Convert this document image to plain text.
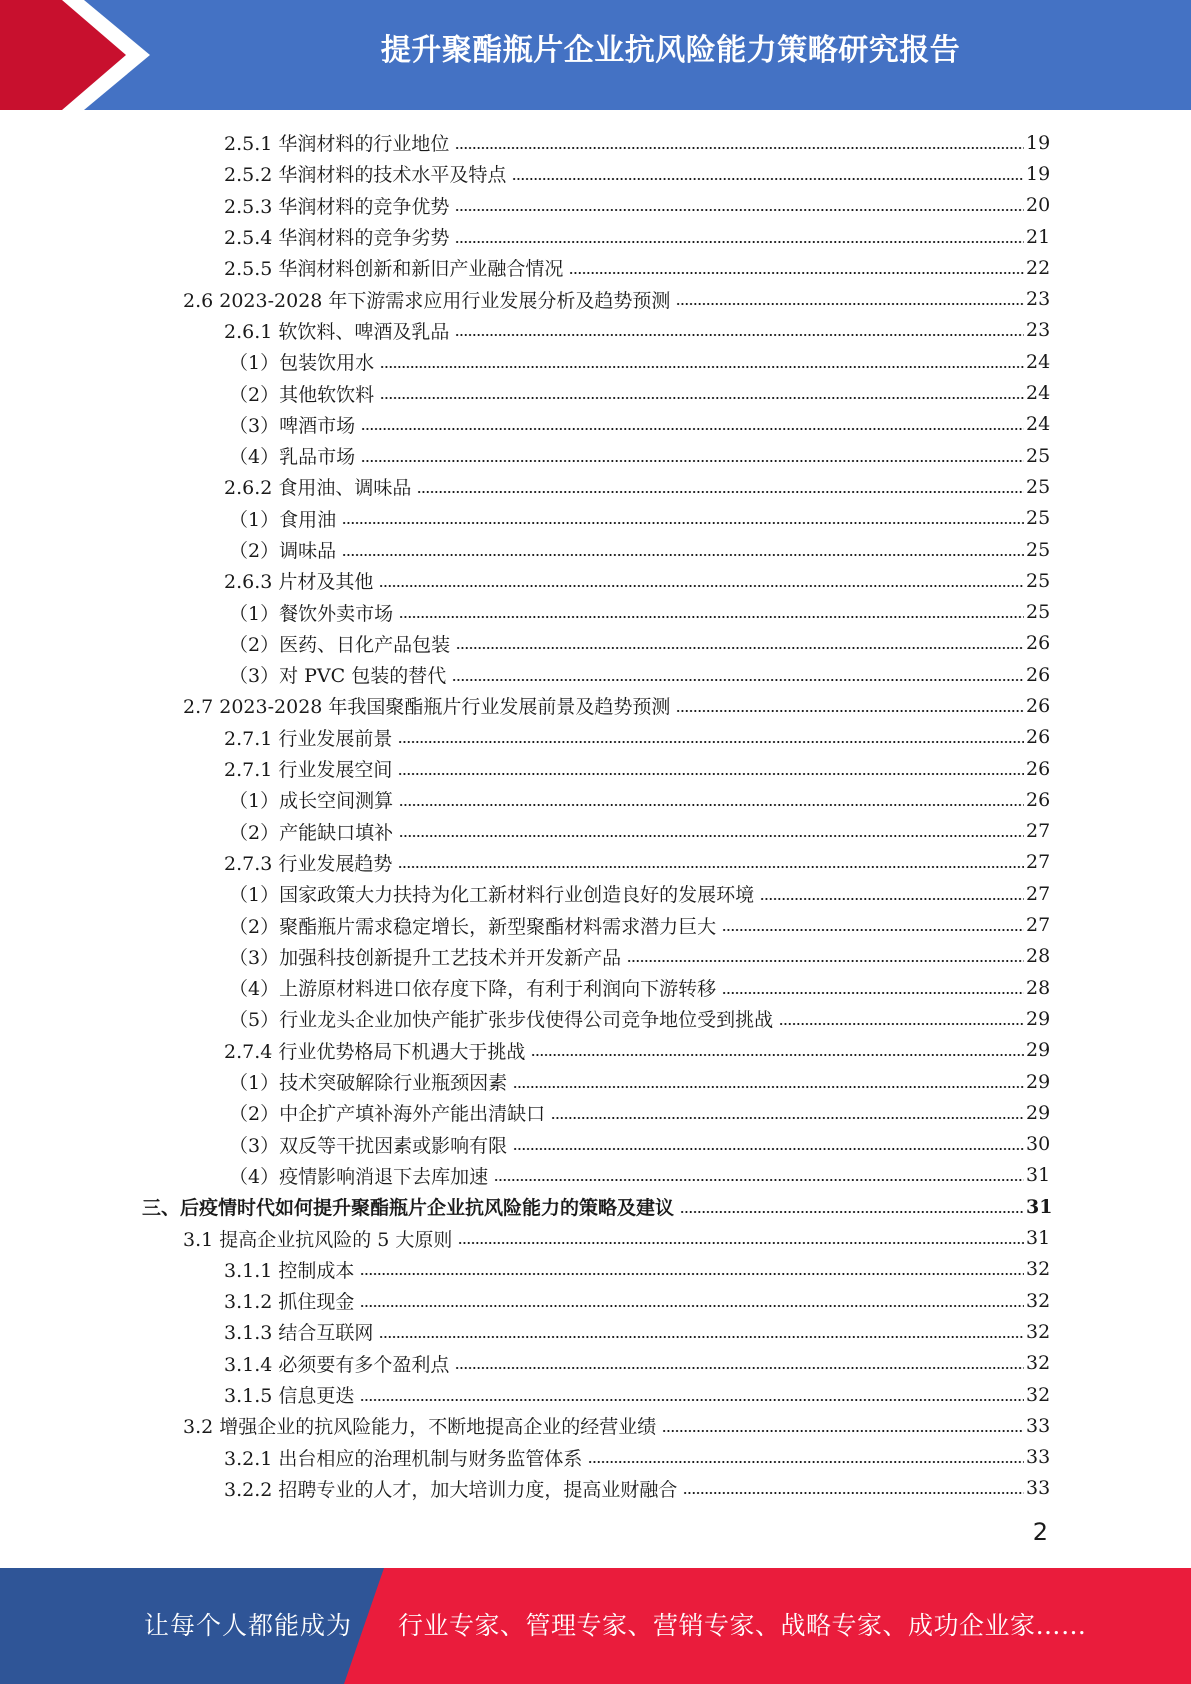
提升聚酯瓶片企业抗风险能力策略研究报告
2.5.1 华润材料的行业地位	19
2.5.2 华润材料的技术水平及特点	19
2.5.3 华润材料的竞争优势	20
2.5.4 华润材料的竞争劣势	21
2.5.5 华润材料创新和新旧产业融合情况	22
2.6 2023-2028 年下游需求应用行业发展分析及趋势预测	23
2.6.1 软饮料、啤酒及乳品	23
（1）包装饮用水	24
（2）其他软饮料	24
（3）啤酒市场	24
（4）乳品市场	25
2.6.2 食用油、调味品	25
（1）食用油	25
（2）调味品	25
2.6.3 片材及其他	25
（1）餐饮外卖市场	25
（2）医药、日化产品包装	26
（3）对 PVC 包装的替代	26
2.7 2023-2028 年我国聚酯瓶片行业发展前景及趋势预测	26
2.7.1 行业发展前景	26
2.7.1 行业发展空间	26
（1）成长空间测算	26
（2）产能缺口填补	27
2.7.3 行业发展趋势	27
（1）国家政策大力扶持为化工新材料行业创造良好的发展环境	27
（2）聚酯瓶片需求稳定增长，新型聚酯材料需求潜力巨大	27
（3）加强科技创新提升工艺技术并开发新产品	28
（4）上游原材料进口依存度下降，有利于利润向下游转移	28
（5）行业龙头企业加快产能扩张步伐使得公司竞争地位受到挑战	29
2.7.4 行业优势格局下机遇大于挑战	29
（1）技术突破解除行业瓶颈因素	29
（2）中企扩产填补海外产能出清缺口	29
（3）双反等干扰因素或影响有限	30
（4）疫情影响消退下去库加速	31
三、后疫情时代如何提升聚酯瓶片企业抗风险能力的策略及建议	31
3.1 提高企业抗风险的 5 大原则	31
3.1.1 控制成本	32
3.1.2 抓住现金	32
3.1.3 结合互联网	32
3.1.4 必须要有多个盈利点	32
3.1.5 信息更迭	32
3.2 增强企业的抗风险能力，不断地提高企业的经营业绩	33
3.2.1 出台相应的治理机制与财务监管体系	33
3.2.2 招聘专业的人才，加大培训力度，提高业财融合	33
2
让每个人都能成为 行业专家、管理专家、营销专家、战略专家、成功企业家……
